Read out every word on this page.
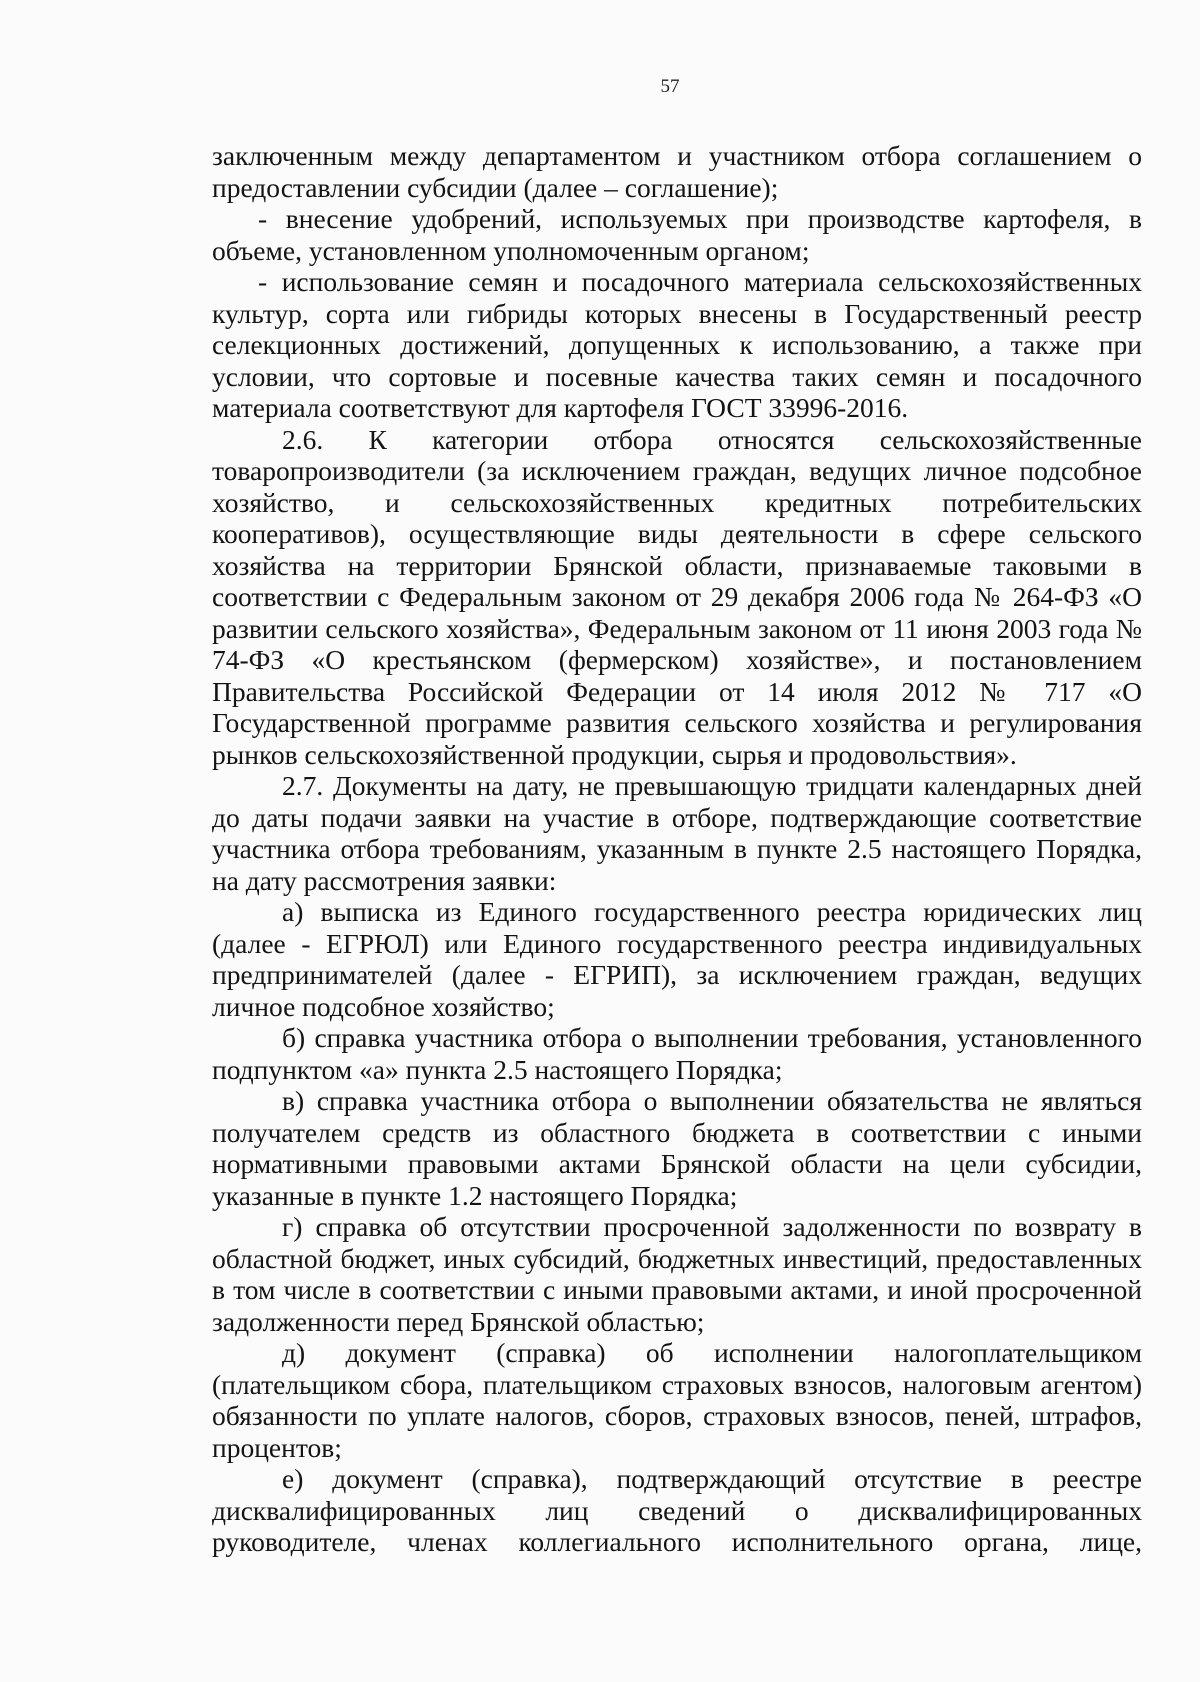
57

заключенным между департаментом и участником отбора соглашением о предоставлении субсидии (далее – соглашение);

- внесение удобрений, используемых при производстве картофеля, в объеме, установленном уполномоченным органом;

- использование семян и посадочного материала сельскохозяйственных культур, сорта или гибриды которых внесены в Государственный реестр селекционных достижений, допущенных к использованию, а также при условии, что сортовые и посевные качества таких семян и посадочного материала соответствуют для картофеля ГОСТ 33996-2016.

2.6. К категории отбора относятся сельскохозяйственные товаропроизводители (за исключением граждан, ведущих личное подсобное хозяйство, и сельскохозяйственных кредитных потребительских кооперативов), осуществляющие виды деятельности в сфере сельского хозяйства на территории Брянской области, признаваемые таковыми в соответствии с Федеральным законом от 29 декабря 2006 года № 264-ФЗ «О развитии сельского хозяйства», Федеральным законом от 11 июня 2003 года № 74-ФЗ «О крестьянском (фермерском) хозяйстве», и постановлением Правительства Российской Федерации от 14 июля 2012 № 717 «О Государственной программе развития сельского хозяйства и регулирования рынков сельскохозяйственной продукции, сырья и продовольствия».

2.7. Документы на дату, не превышающую тридцати календарных дней до даты подачи заявки на участие в отборе, подтверждающие соответствие участника отбора требованиям, указанным в пункте 2.5 настоящего Порядка, на дату рассмотрения заявки:

а) выписка из Единого государственного реестра юридических лиц (далее - ЕГРЮЛ) или Единого государственного реестра индивидуальных предпринимателей (далее - ЕГРИП), за исключением граждан, ведущих личное подсобное хозяйство;

б) справка участника отбора о выполнении требования, установленного подпунктом «а» пункта 2.5 настоящего Порядка;

в) справка участника отбора о выполнении обязательства не являться получателем средств из областного бюджета в соответствии с иными нормативными правовыми актами Брянской области на цели субсидии, указанные в пункте 1.2 настоящего Порядка;

г) справка об отсутствии просроченной задолженности по возврату в областной бюджет, иных субсидий, бюджетных инвестиций, предоставленных в том числе в соответствии с иными правовыми актами, и иной просроченной задолженности перед Брянской областью;

д) документ (справка) об исполнении налогоплательщиком (плательщиком сбора, плательщиком страховых взносов, налоговым агентом) обязанности по уплате налогов, сборов, страховых взносов, пеней, штрафов, процентов;

е) документ (справка), подтверждающий отсутствие в реестре дисквалифицированных лиц сведений о дисквалифицированных руководителе, членах коллегиального исполнительного органа, лице,
